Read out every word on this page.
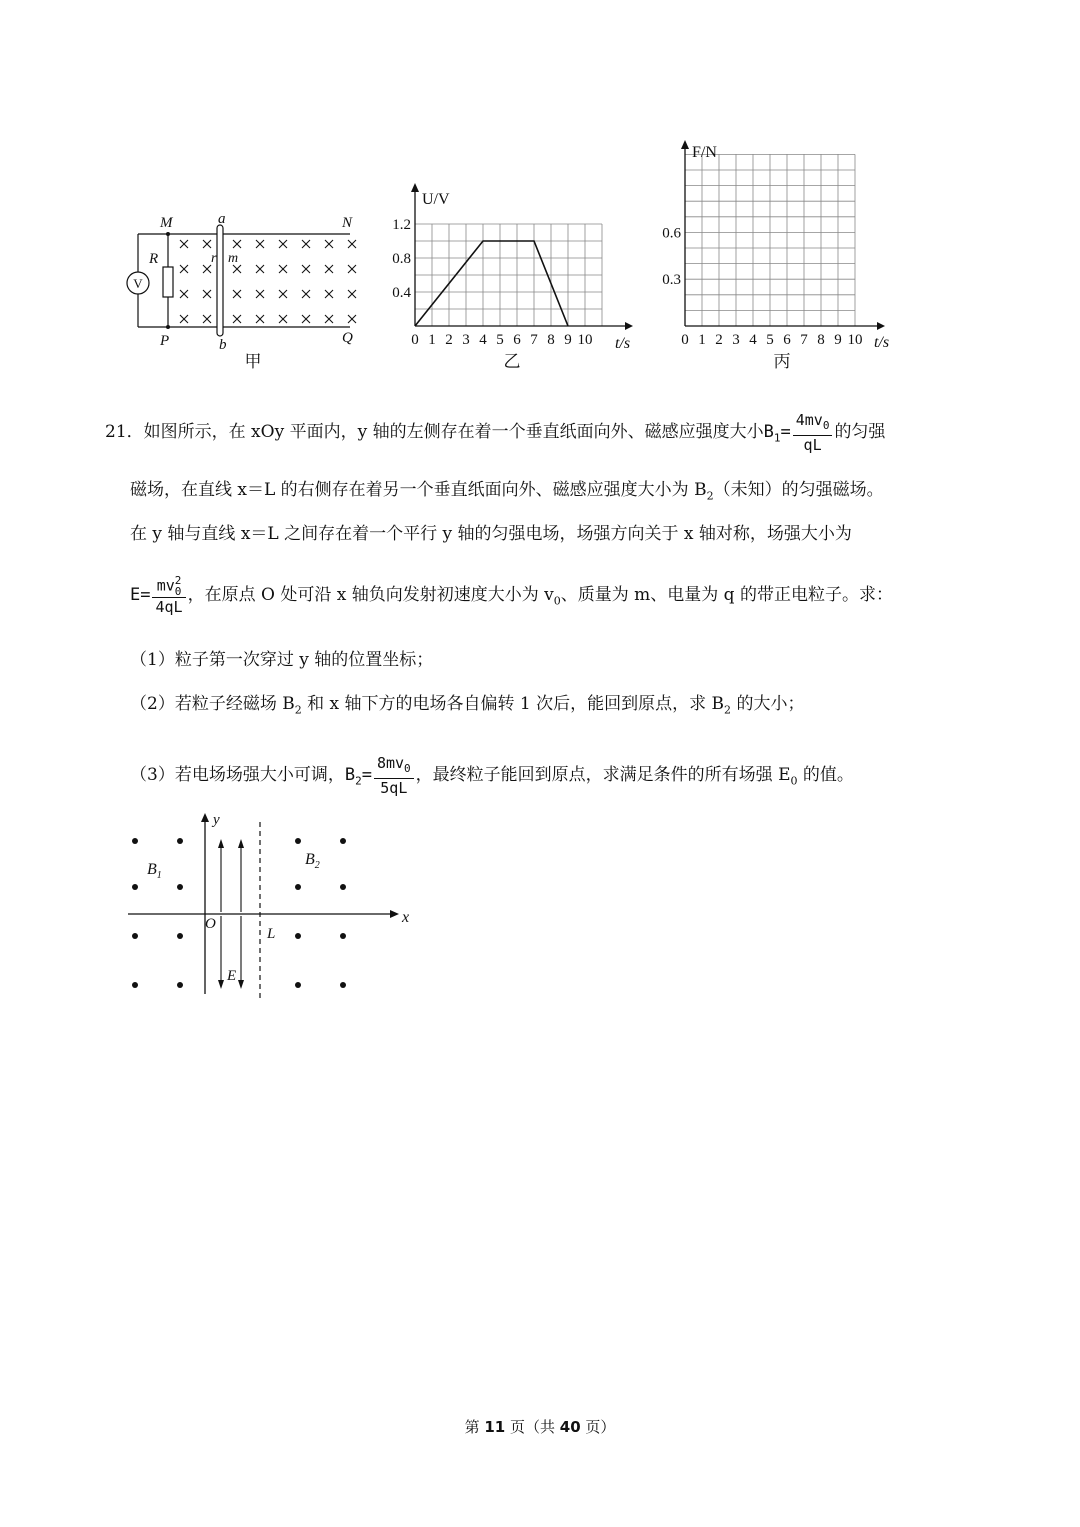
V
M	a	N
R	r m
P	b	Q
甲
0.4
0.8
1.2
0 1 2 3 4 5 6 7 8 9 10
U/V
t/s
乙
0.3
0.6
0 1 2 3 4 5 6 7 8 9 10
F/N
t/s
丙
21．如图所示，在 xOy 平面内，y 轴的左侧存在着一个垂直纸面向外、磁感应强度大小$B_1= \frac{4mv_0}{qL}$ 的匀强
磁场，在直线 x＝L 的右侧存在着另一个垂直纸面向外、磁感应强度大小为 $B_2$（未知）的匀强磁场。
在 y 轴与直线 x＝L 之间存在着一个平行 y 轴的匀强电场，场强方向关于 x 轴对称，场强大小为
E= mv2
0
4qL
，在原点 O 处可沿 x 轴负向发射初速度大小为 $v_0$、质量为 m、电量为 q 的带正电粒子。求：
（1）粒子第一次穿过 y 轴的位置坐标；
（2）若粒子经磁场 $B_2$ 和 x 轴下方的电场各自偏转 1 次后，能回到原点，求 $B_2$ 的大小；
（3）若电场场强大小可调，$B_2= \frac{8mv_0}{5qL}$ ，最终粒子能回到原点，求满足条件的所有场强 $E_0$ 的值。
y
x
O
L
$B_1$
$B_2$
E
第 11 页（共 40 页）
